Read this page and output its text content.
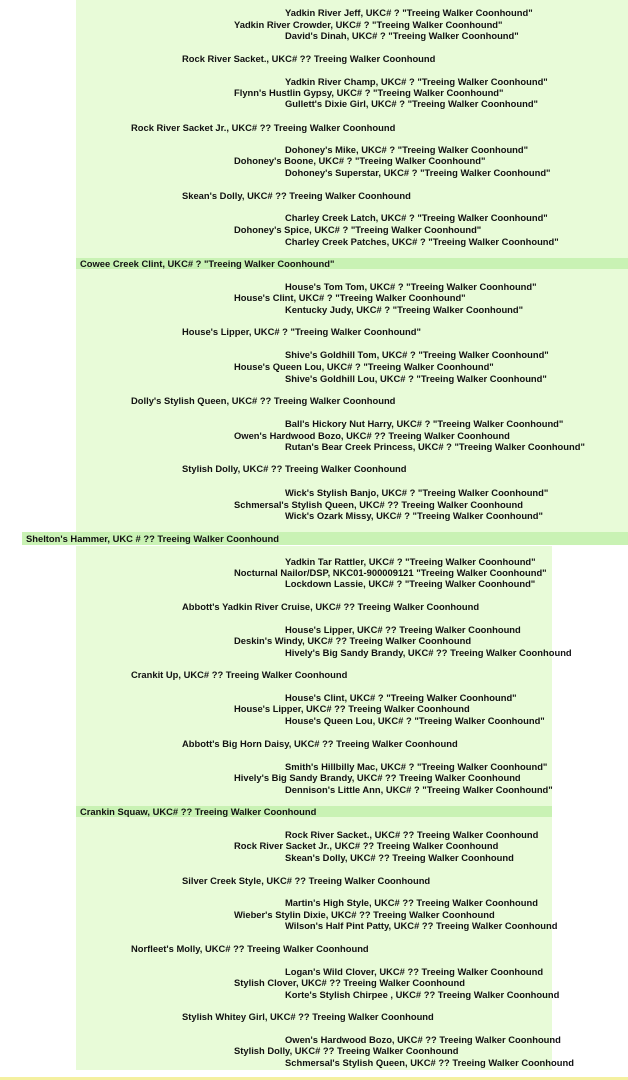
Yadkin River Jeff, UKC# ? "Treeing Walker Coonhound"
Yadkin River Crowder, UKC# ? "Treeing Walker Coonhound"
David's Dinah, UKC# ? "Treeing Walker Coonhound"
Rock River Sacket., UKC# ?? Treeing Walker Coonhound
Yadkin River Champ, UKC# ? "Treeing Walker Coonhound"
Flynn's Hustlin Gypsy, UKC# ? "Treeing Walker Coonhound"
Gullett's Dixie Girl, UKC# ? "Treeing Walker Coonhound"
Rock River Sacket Jr., UKC# ?? Treeing Walker Coonhound
Dohoney's Mike, UKC# ? "Treeing Walker Coonhound"
Dohoney's Boone, UKC# ? "Treeing Walker Coonhound"
Dohoney's Superstar, UKC# ? "Treeing Walker Coonhound"
Skean's Dolly, UKC# ?? Treeing Walker Coonhound
Charley Creek Latch, UKC# ? "Treeing Walker Coonhound"
Dohoney's Spice, UKC# ? "Treeing Walker Coonhound"
Charley Creek Patches, UKC# ? "Treeing Walker Coonhound"
Cowee Creek Clint, UKC# ? "Treeing Walker Coonhound"
House's Tom Tom, UKC# ? "Treeing Walker Coonhound"
House's Clint, UKC# ? "Treeing Walker Coonhound"
Kentucky Judy, UKC# ? "Treeing Walker Coonhound"
House's Lipper, UKC# ? "Treeing Walker Coonhound"
Shive's Goldhill Tom, UKC# ? "Treeing Walker Coonhound"
House's Queen Lou, UKC# ? "Treeing Walker Coonhound"
Shive's Goldhill Lou, UKC# ? "Treeing Walker Coonhound"
Dolly's Stylish Queen, UKC# ?? Treeing Walker Coonhound
Ball's Hickory Nut Harry, UKC# ? "Treeing Walker Coonhound"
Owen's Hardwood Bozo, UKC# ?? Treeing Walker Coonhound
Rutan's Bear Creek Princess, UKC# ? "Treeing Walker Coonhound"
Stylish Dolly, UKC# ?? Treeing Walker Coonhound
Wick's Stylish Banjo, UKC# ? "Treeing Walker Coonhound"
Schmersal's Stylish Queen, UKC# ?? Treeing Walker Coonhound
Wick's Ozark Missy, UKC# ? "Treeing Walker Coonhound"
Shelton's Hammer, UKC # ?? Treeing Walker Coonhound
Yadkin Tar Rattler, UKC# ? "Treeing Walker Coonhound"
Nocturnal Nailor/DSP, NKC01-900009121 "Treeing Walker Coonhound"
Lockdown Lassie, UKC# ? "Treeing Walker Coonhound"
Abbott's Yadkin River Cruise, UKC# ?? Treeing Walker Coonhound
House's Lipper, UKC# ?? Treeing Walker Coonhound
Deskin's Windy, UKC# ?? Treeing Walker Coonhound
Hively's Big Sandy Brandy, UKC# ?? Treeing Walker Coonhound
Crankit Up, UKC# ?? Treeing Walker Coonhound
House's Clint, UKC# ? "Treeing Walker Coonhound"
House's Lipper, UKC# ?? Treeing Walker Coonhound
House's Queen Lou, UKC# ? "Treeing Walker Coonhound"
Abbott's Big Horn Daisy, UKC# ?? Treeing Walker Coonhound
Smith's Hillbilly Mac, UKC# ? "Treeing Walker Coonhound"
Hively's Big Sandy Brandy, UKC# ?? Treeing Walker Coonhound
Dennison's Little Ann, UKC# ? "Treeing Walker Coonhound"
Crankin Squaw, UKC# ?? Treeing Walker Coonhound
Rock River Sacket., UKC# ?? Treeing Walker Coonhound
Rock River Sacket Jr., UKC# ?? Treeing Walker Coonhound
Skean's Dolly, UKC# ?? Treeing Walker Coonhound
Silver Creek Style, UKC# ?? Treeing Walker Coonhound
Martin's High Style, UKC# ?? Treeing Walker Coonhound
Wieber's Stylin Dixie, UKC# ?? Treeing Walker Coonhound
Wilson's Half Pint Patty, UKC# ?? Treeing Walker Coonhound
Norfleet's Molly, UKC# ?? Treeing Walker Coonhound
Logan's Wild Clover, UKC# ?? Treeing Walker Coonhound
Stylish Clover, UKC# ?? Treeing Walker Coonhound
Korte's Stylish Chirpee , UKC# ?? Treeing Walker Coonhound
Stylish Whitey Girl, UKC# ?? Treeing Walker Coonhound
Owen's Hardwood Bozo, UKC# ?? Treeing Walker Coonhound
Stylish Dolly, UKC# ?? Treeing Walker Coonhound
Schmersal's Stylish Queen, UKC# ?? Treeing Walker Coonhound
